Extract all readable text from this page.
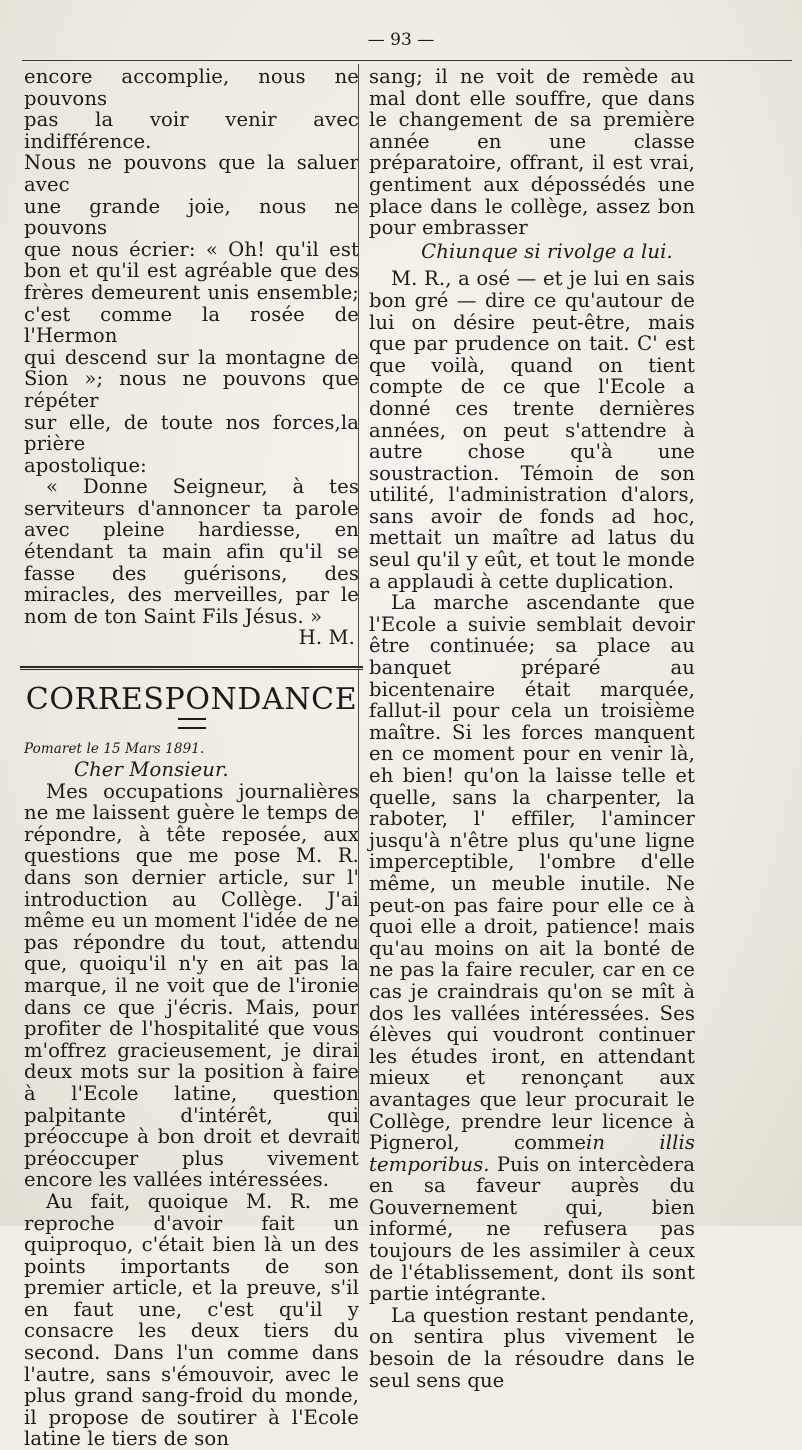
— 93 —

encore accomplie, nous ne pouvons

pas la voir venir avec indifférence.

Nous ne pouvons que la saluer avec

une grande joie, nous ne pouvons

que nous écrier: « Oh! qu'il est

bon et qu'il est agréable que des

frères demeurent unis ensemble;

c'est comme la rosée de l'Hermon

qui descend sur la montagne de

Sion »; nous ne pouvons que répéter

sur elle, de toute nos forces,la prière

apostolique:

« Donne Seigneur, à tes serviteurs d'annoncer ta parole avec pleine hardiesse, en étendant ta main afin qu'il se fasse des guérisons, des miracles, des merveilles, par le nom de ton Saint Fils Jésus. »

H. M.

CORRESPONDANCE

Pomaret le 15 Mars 1891.

Cher Monsieur.

Mes occupations journalières ne me laissent guère le temps de répondre, à tête reposée, aux questions que me pose M. R. dans son dernier article, sur l' introduction au Collège. J'ai même eu un moment l'idée de ne pas répondre du tout, attendu que, quoiqu'il n'y en ait pas la marque, il ne voit que de l'ironie dans ce que j'écris. Mais, pour profiter de l'hospitalité que vous m'offrez gracieusement, je dirai deux mots sur la position à faire à l'Ecole latine, question palpitante d'intérêt, qui préoccupe à bon droit et devrait préoccuper plus vivement encore les vallées intéressées.

Au fait, quoique M. R. me reproche d'avoir fait un quiproquo, c'était bien là un des points importants de son premier article, et la preuve, s'il en faut une, c'est qu'il y consacre les deux tiers du second. Dans l'un comme dans l'autre, sans s'émouvoir, avec le plus grand sang-froid du monde, il propose de soutirer à l'Ecole latine le tiers de son

sang; il ne voit de remède au mal dont elle souffre, que dans le changement de sa première année en une classe préparatoire, offrant, il est vrai, gentiment aux dépossédés une place dans le collège, assez bon pour embrasser

Chiunque si rivolge a lui.

M. R., a osé — et je lui en sais bon gré — dire ce qu'autour de lui on désire peut-être, mais que par prudence on tait. C' est que voilà, quand on tient compte de ce que l'Ecole a donné ces trente dernières années, on peut s'attendre à autre chose qu'à une soustraction. Témoin de son utilité, l'administration d'alors, sans avoir de fonds ad hoc, mettait un maître ad latus du seul qu'il y eût, et tout le monde a applaudi à cette duplication.

La marche ascendante que l'Ecole a suivie semblait devoir être continuée; sa place au banquet préparé au bicentenaire était marquée, fallut-il pour cela un troisième maître. Si les forces manquent en ce moment pour en venir là, eh bien! qu'on la laisse telle et quelle, sans la charpenter, la raboter, l' effiler, l'amincer jusqu'à n'être plus qu'une ligne imperceptible, l'ombre d'elle même, un meuble inutile. Ne peut-on pas faire pour elle ce à quoi elle a droit, patience! mais qu'au moins on ait la bonté de ne pas la faire reculer, car en ce cas je craindrais qu'on se mît à dos les vallées intéressées. Ses élèves qui voudront continuer les études iront, en attendant mieux et renonçant aux avantages que leur procurait le Collège, prendre leur licence à Pignerol, commein illis temporibus. Puis on intercèdera en sa faveur auprès du Gouvernement qui, bien informé, ne refusera pas toujours de les assimiler à ceux de l'établissement, dont ils sont partie intégrante.

La question restant pendante, on sentira plus vivement le besoin de la résoudre dans le seul sens que
